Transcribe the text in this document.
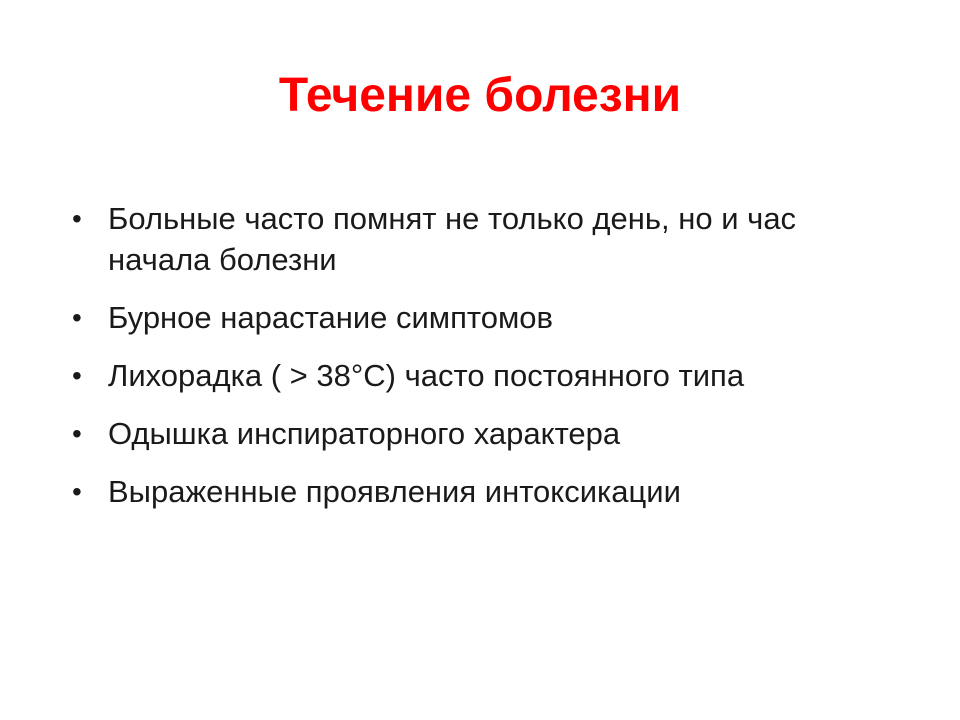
Течение болезни
• Больные часто помнят не только день, но и час начала болезни
• Бурное нарастание симптомов
• Лихорадка ( > 38°С) часто постоянного типа
• Одышка инспираторного характера
• Выраженные проявления интоксикации
